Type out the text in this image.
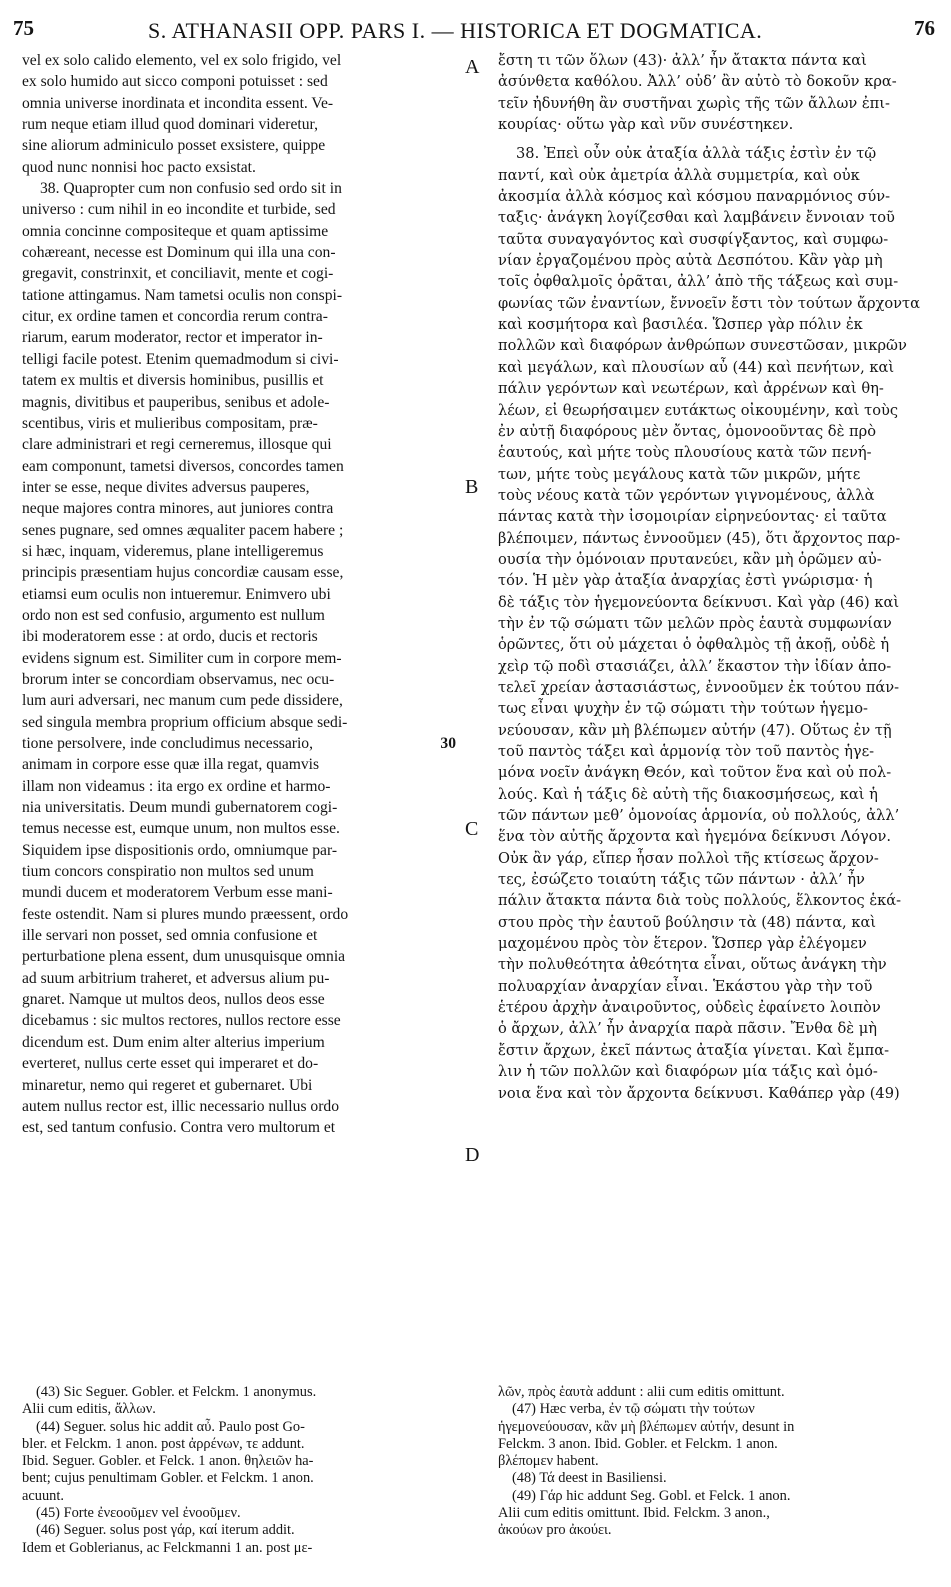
75	S. ATHANASII OPP. PARS I. — HISTORICA ET DOGMATICA.	76
vel ex solo calido elemento, vel ex solo frigido, vel
ex solo humido aut sicco componi potuisset : sed
omnia universe inordinata et incondita essent. Ve-
rum neque etiam illud quod dominari videretur,
sine aliorum adminiculo posset exsistere, quippe
quod nunc nonnisi hoc pacto exsistat.
38. Quapropter cum non confusio sed ordo sit in
universo : cum nihil in eo incondite et turbide, sed
omnia concinne compositeque et quam aptissime
cohæreant, necesse est Dominum qui illa una con-
gregavit, constrinxit, et conciliavit, mente et cogi-
tatione attingamus. Nam tametsi oculis non conspi-
citur, ex ordine tamen et concordia rerum contra-
riarum, earum moderator, rector et imperator in-
telligi facile potest. Etenim quemadmodum si civi-
tatem ex multis et diversis hominibus, pusillis et
magnis, divitibus et pauperibus, senibus et adole-
scentibus, viris et mulieribus compositam, præ-
clare administrari et regi cerneremus, illosque qui
eam componunt, tametsi diversos, concordes tamen
inter se esse, neque divites adversus pauperes,
neque majores contra minores, aut juniores contra
senes pugnare, sed omnes æqualiter pacem habere ;
si hæc, inquam, videremus, plane intelligeremus
principis præsentiam hujus concordiæ causam esse,
etiamsi eum oculis non intueremur. Enimvero ubi
ordo non est sed confusio, argumento est nullum
ibi moderatorem esse : at ordo, ducis et rectoris
evidens signum est. Similiter cum in corpore mem-
brorum inter se concordiam observamus, nec ocu-
lum auri adversari, nec manum cum pede dissidere,
sed singula membra proprium officium absque sedi-
tione persolvere, inde concludimus necessario,	30
animam in corpore esse quæ illa regat, quamvis
illam non videamus : ita ergo ex ordine et harmo-
nia universitatis. Deum mundi gubernatorem cogi-
temus necesse est, eumque unum, non multos esse.
Siquidem ipse dispositionis ordo, omniumque par-
tium concors conspiratio non multos sed unum
mundi ducem et moderatorem Verbum esse mani-
feste ostendit. Nam si plures mundo præessent, ordo
ille servari non posset, sed omnia confusione et
perturbatione plena essent, dum unusquisque omnia
ad suum arbitrium traheret, et adversus alium pu-
gnaret. Namque ut multos deos, nullos deos esse
dicebamus : sic multos rectores, nullos rectore esse
dicendum est. Dum enim alter alterius imperium
everteret, nullus certe esset qui imperaret et do-
minaretur, nemo qui regeret et gubernaret. Ubi
autem nullus rector est, illic necessario nullus ordo
est, sed tantum confusio. Contra vero multorum et
A
B
C
D
ἔστη τι τῶν ὅλων (43)· ἀλλ’ ἦν ἄτακτα πάντα καὶ
ἀσύνθετα καθόλου. Ἀλλ’ οὐδ’ ἂν αὐτὸ τὸ δοκοῦν κρα-
τεῖν ἠδυνήθη ἂν συστῆναι χωρὶς τῆς τῶν ἄλλων ἐπι-
κουρίας· οὕτω γὰρ καὶ νῦν συνέστηκεν.
38. Ἐπεὶ οὖν οὐκ ἀταξία ἀλλὰ τάξις ἐστὶν ἐν τῷ
παντί, καὶ οὐκ ἀμετρία ἀλλὰ συμμετρία, καὶ οὐκ
ἀκοσμία ἀλλὰ κόσμος καὶ κόσμου παναρμόνιος σύν-
ταξις· ἀνάγκη λογίζεσθαι καὶ λαμβάνειν ἔννοιαν τοῦ
ταῦτα συναγαγόντος καὶ συσφίγξαντος, καὶ συμφω-
νίαν ἐργαζομένου πρὸς αὐτὰ Δεσπότου. Κἂν γὰρ μὴ
τοῖς ὀφθαλμοῖς ὁρᾶται, ἀλλ’ ἀπὸ τῆς τάξεως καὶ συμ-
φωνίας τῶν ἐναντίων, ἔννοεῖν ἔστι τὸν τούτων ἄρχοντα
καὶ κοσμήτορα καὶ βασιλέα. Ὥσπερ γὰρ πόλιν ἐκ
πολλῶν καὶ διαφόρων ἀνθρώπων συνεστῶσαν, μικρῶν
καὶ μεγάλων, καὶ πλουσίων αὖ (44) καὶ πενήτων, καὶ
πάλιν γερόντων καὶ νεωτέρων, καὶ ἀρρένων καὶ θη-
λέων, εἰ θεωρήσαιμεν ευτάκτως οἰκουμένην, καὶ τοὺς
ἐν αὐτῇ διαφόρους μὲν ὄντας, ὁμονοοῦντας δὲ πρὸ
ἑαυτούς, καὶ μήτε τοὺς πλουσίους κατὰ τῶν πενή-
των, μήτε τοὺς μεγάλους κατὰ τῶν μικρῶν, μήτε
τοὺς νέους κατὰ τῶν γερόντων γιγνομένους, ἀλλὰ
πάντας κατὰ τὴν ἰσομοιρίαν εἰρηνεύοντας· εἰ ταῦτα
βλέποιμεν, πάντως ἐννοοῦμεν (45), ὅτι ἄρχοντος παρ-
ουσία τὴν ὁμόνοιαν πρυτανεύει, κἂν μὴ ὁρῶμεν αὐ-
τόν. Ἡ μὲν γὰρ ἀταξία ἀναρχίας ἐστὶ γνώρισμα· ἡ
δὲ τάξις τὸν ἡγεμονεύοντα δείκνυσι. Καὶ γὰρ (46) καὶ
τὴν ἐν τῷ σώματι τῶν μελῶν πρὸς ἑαυτὰ συμφωνίαν
ὁρῶντες, ὅτι οὐ μάχεται ὁ ὀφθαλμὸς τῇ ἀκοῇ, οὐδὲ ἡ
χεὶρ τῷ ποδὶ στασιάζει, ἀλλ’ ἕκαστον τὴν ἰδίαν ἀπο-
τελεῖ χρείαν ἀστασιάστως, ἐννοοῦμεν ἐκ τούτου πάν-
τως εἶναι ψυχὴν ἐν τῷ σώματι τὴν τούτων ἡγεμο-
νεύουσαν, κἂν μὴ βλέπωμεν αὐτήν (47). Οὕτως ἐν τῇ
τοῦ παντὸς τάξει καὶ ἁρμονίᾳ τὸν τοῦ παντὸς ἡγε-
μόνα νοεῖν ἀνάγκη Θεόν, καὶ τοῦτον ἕνα καὶ οὐ πολ-
λούς. Καὶ ἡ τάξις δὲ αὐτὴ τῆς διακοσμήσεως, καὶ ἡ
τῶν πάντων μεθ’ ὁμονοίας ἁρμονία, οὐ πολλούς, ἀλλ’
ἕνα τὸν αὐτῆς ἄρχοντα καὶ ἡγεμόνα δείκνυσι Λόγον.
Οὐκ ἂν γάρ, εἴπερ ἦσαν πολλοὶ τῆς κτίσεως ἄρχον-
τες, ἐσώζετο τοιαύτη τάξις τῶν πάντων · ἀλλ’ ἦν
πάλιν ἄτακτα πάντα διὰ τοὺς πολλούς, ἕλκοντος ἑκά-
στου πρὸς τὴν ἑαυτοῦ βούλησιν τὰ (48) πάντα, καὶ
μαχομένου πρὸς τὸν ἕτερον. Ὥσπερ γὰρ ἐλέγομεν
τὴν πολυθεότητα ἀθεότητα εἶναι, οὕτως ἀνάγκη τὴν
πολυαρχίαν ἀναρχίαν εἶναι. Ἑκάστου γὰρ τὴν τοῦ
ἑτέρου ἀρχὴν ἀναιροῦντος, οὐδεὶς ἐφαίνετο λοιπὸν
ὁ ἄρχων, ἀλλ’ ἦν ἀναρχία παρὰ πᾶσιν. Ἔνθα δὲ μὴ
ἔστιν ἄρχων, ἐκεῖ πάντως ἀταξία γίνεται. Καὶ ἔμπα-
λιν ἡ τῶν πολλῶν καὶ διαφόρων μία τάξις καὶ ὁμό-
νοια ἕνα καὶ τὸν ἄρχοντα δείκνυσι. Καθάπερ γὰρ (49)
(43) Sic Seguer. Gobler. et Felckm. 1 anonymus.
Alii cum editis, ἄλλων.
(44) Seguer. solus hic addit αὖ. Paulo post Go-
bler. et Felckm. 1 anon. post ἀρρένων, τε addunt.
Ibid. Seguer. Gobler. et Felck. 1 anon. θηλειῶν ha-
bent; cujus penultimam Gobler. et Felckm. 1 anon.
acuunt.
(45) Forte ἐνεοοῦμεν vel ἐνοοῦμεν.
(46) Seguer. solus post γάρ, καί iterum addit.
Idem et Goblerianus, ac Felckmanni 1 an. post με-
λῶν, πρὸς ἑαυτὰ addunt : alii cum editis omittunt.
(47) Hæc verba, ἐν τῷ σώματι τὴν τούτων
ἡγεμονεύουσαν, κἂν μὴ βλέπωμεν αὐτήν, desunt in
Felckm. 3 anon. Ibid. Gobler. et Felckm. 1 anon.
βλέπομεν habent.
(48) Τά deest in Basiliensi.
(49) Γάρ hic addunt Seg. Gobl. et Felck. 1 anon.
Alii cum editis omittunt. Ibid. Felckm. 3 anon.,
ἀκούων pro ἀκούει.
